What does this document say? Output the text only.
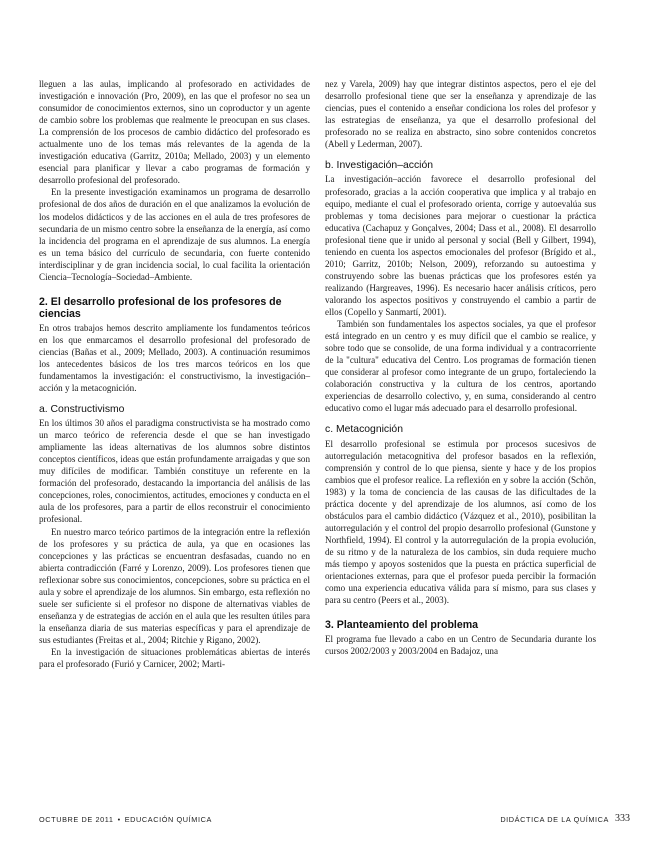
lleguen a las aulas, implicando al profesorado en actividades de investigación e innovación (Pro, 2009), en las que el profesor no sea un consumidor de conocimientos externos, sino un coproductor y un agente de cambio sobre los problemas que realmente le preocupan en sus clases. La comprensión de los procesos de cambio didáctico del profesorado es actualmente uno de los temas más relevantes de la agenda de la investigación educativa (Garritz, 2010a; Mellado, 2003) y un elemento esencial para planificar y llevar a cabo programas de formación y desarrollo profesional del profesorado.

En la presente investigación examinamos un programa de desarrollo profesional de dos años de duración en el que analizamos la evolución de los modelos didácticos y de las acciones en el aula de tres profesores de secundaria de un mismo centro sobre la enseñanza de la energía, así como la incidencia del programa en el aprendizaje de sus alumnos. La energía es un tema básico del currículo de secundaria, con fuerte contenido interdisciplinar y de gran incidencia social, lo cual facilita la orientación Ciencia–Tecnología–Sociedad–Ambiente.

2. El desarrollo profesional de los profesores de ciencias

En otros trabajos hemos descrito ampliamente los fundamentos teóricos en los que enmarcamos el desarrollo profesional del profesorado de ciencias (Bañas et al., 2009; Mellado, 2003). A continuación resumimos los antecedentes básicos de los tres marcos teóricos en los que fundamentamos la investigación: el constructivismo, la investigación–acción y la metacognición.

a. Constructivismo

En los últimos 30 años el paradigma constructivista se ha mostrado como un marco teórico de referencia desde el que se han investigado ampliamente las ideas alternativas de los alumnos sobre distintos conceptos científicos, ideas que están profundamente arraigadas y que son muy difíciles de modificar. También constituye un referente en la formación del profesorado, destacando la importancia del análisis de las concepciones, roles, conocimientos, actitudes, emociones y conducta en el aula de los profesores, para a partir de ellos reconstruir el conocimiento profesional.

En nuestro marco teórico partimos de la integración entre la reflexión de los profesores y su práctica de aula, ya que en ocasiones las concepciones y las prácticas se encuentran desfasadas, cuando no en abierta contradicción (Farré y Lorenzo, 2009). Los profesores tienen que reflexionar sobre sus conocimientos, concepciones, sobre su práctica en el aula y sobre el aprendizaje de los alumnos. Sin embargo, esta reflexión no suele ser suficiente si el profesor no dispone de alternativas viables de enseñanza y de estrategias de acción en el aula que les resulten útiles para la enseñanza diaria de sus materias específicas y para el aprendizaje de sus estudiantes (Freitas et al., 2004; Ritchie y Rigano, 2002).

En la investigación de situaciones problemáticas abiertas de interés para el profesorado (Furió y Carnicer, 2002; Marti-

nez y Varela, 2009) hay que integrar distintos aspectos, pero el eje del desarrollo profesional tiene que ser la enseñanza y aprendizaje de las ciencias, pues el contenido a enseñar condiciona los roles del profesor y las estrategias de enseñanza, ya que el desarrollo profesional del profesorado no se realiza en abstracto, sino sobre contenidos concretos (Abell y Lederman, 2007).

b. Investigación–acción

La investigación–acción favorece el desarrollo profesional del profesorado, gracias a la acción cooperativa que implica y al trabajo en equipo, mediante el cual el profesorado orienta, corrige y autoevalúa sus problemas y toma decisiones para mejorar o cuestionar la práctica educativa (Cachapuz y Gonçalves, 2004; Dass et al., 2008). El desarrollo profesional tiene que ir unido al personal y social (Bell y Gilbert, 1994), teniendo en cuenta los aspectos emocionales del profesor (Brígido et al., 2010; Garritz, 2010b; Nelson, 2009), reforzando su autoestima y construyendo sobre las buenas prácticas que los profesores estén ya realizando (Hargreaves, 1996). Es necesario hacer análisis críticos, pero valorando los aspectos positivos y construyendo el cambio a partir de ellos (Copello y Sanmartí, 2001).

También son fundamentales los aspectos sociales, ya que el profesor está integrado en un centro y es muy difícil que el cambio se realice, y sobre todo que se consolide, de una forma individual y a contracorriente de la "cultura" educativa del Centro. Los programas de formación tienen que considerar al profesor como integrante de un grupo, fortaleciendo la colaboración constructiva y la cultura de los centros, aportando experiencias de desarrollo colectivo, y, en suma, considerando al centro educativo como el lugar más adecuado para el desarrollo profesional.

c. Metacognición

El desarrollo profesional se estimula por procesos sucesivos de autorregulación metacognitiva del profesor basados en la reflexión, comprensión y control de lo que piensa, siente y hace y de los propios cambios que el profesor realice. La reflexión en y sobre la acción (Schön, 1983) y la toma de conciencia de las causas de las dificultades de la práctica docente y del aprendizaje de los alumnos, así como de los obstáculos para el cambio didáctico (Vázquez et al., 2010), posibilitan la autorregulación y el control del propio desarrollo profesional (Gunstone y Northfield, 1994). El control y la autorregulación de la propia evolución, de su ritmo y de la naturaleza de los cambios, sin duda requiere mucho más tiempo y apoyos sostenidos que la puesta en práctica superficial de orientaciones externas, para que el profesor pueda percibir la formación como una experiencia educativa válida para sí mismo, para sus clases y para su centro (Peers et al., 2003).

3. Planteamiento del problema

El programa fue llevado a cabo en un Centro de Secundaria durante los cursos 2002/2003 y 2003/2004 en Badajoz, una

OCTUBRE DE 2011 • EDUCACIÓN QUÍMICA	DIDÁCTICA DE LA QUÍMICA 333
